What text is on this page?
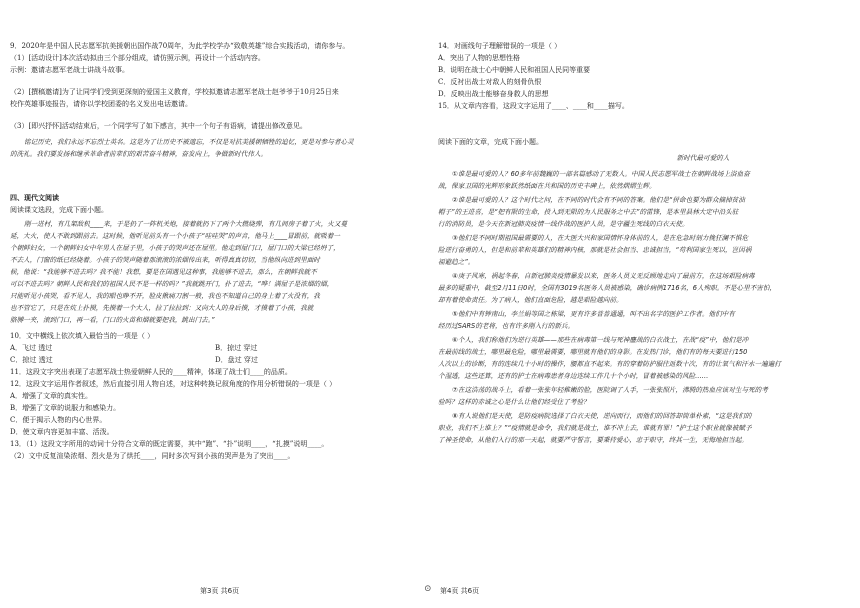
9．2020年是中国人民志愿军抗美援朝出国作战70周年，为此学校学办“致敬英雄”综合实践活动，请你参与。
（1）[活动设计]本次活动拟由三个部分组成，请仿照示例，再设计一个活动内容。
示例：邀请志愿军老战士讲战斗故事。
（2）[撰稿邀请]为了让同学们受到更深刻的爱国主义教育，学校拟邀请志愿军老战士赵爷爷于10月25日来
校作英雄事迹报告，请你以学校团委的名义发出电话邀请。
（3）[即兴抒怀]活动结束后，一个同学写了如下感言，其中一个句子有语病，请提出修改意见。
铭记历史，我们永远不忘烈士英名。这是为了让历史不被遗忘，不仅是对抗美援朝牺牲的追忆，更是对参与者心灵
的洗礼。我们要发扬和继承革命者前辈们的艰苦奋斗精神，奋发向上，争做新时代伟人。
四、现代文阅读
阅读课文选段，完成下面小题。
刚一进村，有几架敌机____来，于是扔了一阵机关炮，接着就扔下了两个大燃烧弹，有几间房子着了火，火又蔓
延，大火，使人不敢到跟前去。这时候，他听见前头有一个小孩子“哇哇哭”的声音，他马上____冒跟前，就吸着一
个朝鲜妇女，一个朝鲜妇女中年男人在屋子里，小孩子的哭声还在屋里。他走到屋门口，屋门口的大梁已经坍了，
不去人，门窗的纸已经烧着。小孩子的哭声随着那滚滚的浓烟传出来，听得真真切切，当他纵向进到里面时
候，他说：“我能够不进去吗？我不能！我想，要是在国遇见这种事，我能够不进去，那么，在朝鲜我就不
可以不进去吗？朝鲜人民和我们的祖国人民不是一样的吗？”我就跳开门，扑了进去，“哗！满屋子是浓烟的烟，
只能听见小孩哭，看不见人，我的眼也睁不开，脸皮揪痛刀割一般，我也不知道自己的身上着了火没有，我
也不管它了，只是在炕上扑摸，先摸着一个大人，拉了拉拉到：又向大人的身后摸，才摸着了小孩，我就
胳膊一夹，滚到门口，再一看，门口的火苗和烟就要把我，跳出门去。”
10．文中横线上依次填入最恰当的一项是（ ）
A．飞过 透过	B．掠过 穿过
C．掠过 透过	D．盘过 穿过
11．这段文字突出表现了志愿军战士热爱朝鲜人民的____精神，体现了战士们____的品质。
12．这段文字运用作者叙述，然后直接引用人物自述，对这种转换记叙角度的作用分析错误的一项是（ ）
A．增强了文章的真实性。
B．增强了文章的说服力和感染力。
C．便于揭示人物的内心世界。
D．使文章内容更加丰富、活泼。
13．（1）这段文字所用的动词十分符合文章的既定需要，其中“跑”、“扑”说明____，“扎摸”说明____。
（2）文中反复渲染浓烟、烈火是为了烘托____，同时多次写到小孩的哭声是为了突出____。
第3页 共6页	⊙
14．对画线句子理解错误的一项是（ ）
A．突出了人物的思想性格
B．说明在战士心中朝鲜人民和祖国人民同等重要
C．反衬出战士对敌人的刻骨仇恨
D．反映出战士能够奋身救人的思想
15．从文章内容看，这段文字运用了____、____和____描写。
阅读下面的文章，完成下面小题。
新时代最可爱的人
①谁是最可爱的人？60多年前魏巍的一部名篇感动了无数人。中国人民志愿军战士在朝鲜战场上浴血奋
战，保家卫国的光辉形象跃然纸面在共和国的历史丰碑上，依然熠熠生辉。
②谁是最可爱的人？这个时代之问，在不同的时代会有不同的答案。他们是“拼命也要为群众摘掉贫油
帽子”的王进喜，是“把有限的生命，投入到无限的为人民服务之中去”的雷锋，是本里县林大定中沿头驻
行的消防员，是今天在新冠肺炎疫情一线作战的医护人员，是守疆生死线的白衣天使。
③他们是不同时期祖国最需要的人，在大医大兴和家国情怀身体前的人，是在危急时刻力挽狂澜不惧危
险逆行奋勇的人，但是和前辈和英雄们的精神内核，那就是社会担当、忠诚担当，“苟利国家生死以，岂因祸
福避趋之”。
④庚子风寒，祸起冬春，自新冠肺炎疫情暴发以来，医务人员义无反顾地走向了最前方，在这场艰险病毒
最多的疑重中，截至2月11日0时，全国有3019名医务人员被感染，确诊病例1716名，6人殉职。不是心里不害怕，
却有着使命责任。为了病人，他们直面危险，越是艰险越向前。
⑤他们中有钟南山，李兰娟等国之栋梁，更有许多普普通通，叫不出名字的医护工作者。他们中有
经历过SARS的老将，也有许多刚入行的新兵。
⑥个人，我们称他们为逆行英雄——那些在病毒第一线与死神鏖战的白衣战士，在战“疫”中，他们是冲
在最前线的战士，哪里最危险，哪里最需要，哪里就有他们的身影。在发热门诊，他们有的每天要进行150
人次以上的诊断，有的连续几十小时的操作，腰都直不起来。有的穿着防护服往返数十次，有的让氧气和汗水一遍遍打
个湿透，这些还算，还有的护士在病毒患者身边连续工作几十个小时，冒着被感染的风险……
⑦在这浩荡的战斗上，看着一张张年轻稚嫩的脸，医院调了人手，一张张照片，沸腾的热血应该对生与死的考
验吗？这样的赤诚之心是什么让他们经受住了考验？
⑧有人说他们是天使，是防疫病院选择了白衣天使，逆向而行，而他们的回答却简单朴素，“这是我们的
职业，我们不上谁上？”“疫情就是命令，我们就是战士，谁不冲上去，谁就有罪！”护士这个职业就像被赋予
了神圣使命，从他们入行的那一天起，就要严守誓言，要秉持爱心，忠于职守，终其一生，无悔地担当起。
第4页 共6页
